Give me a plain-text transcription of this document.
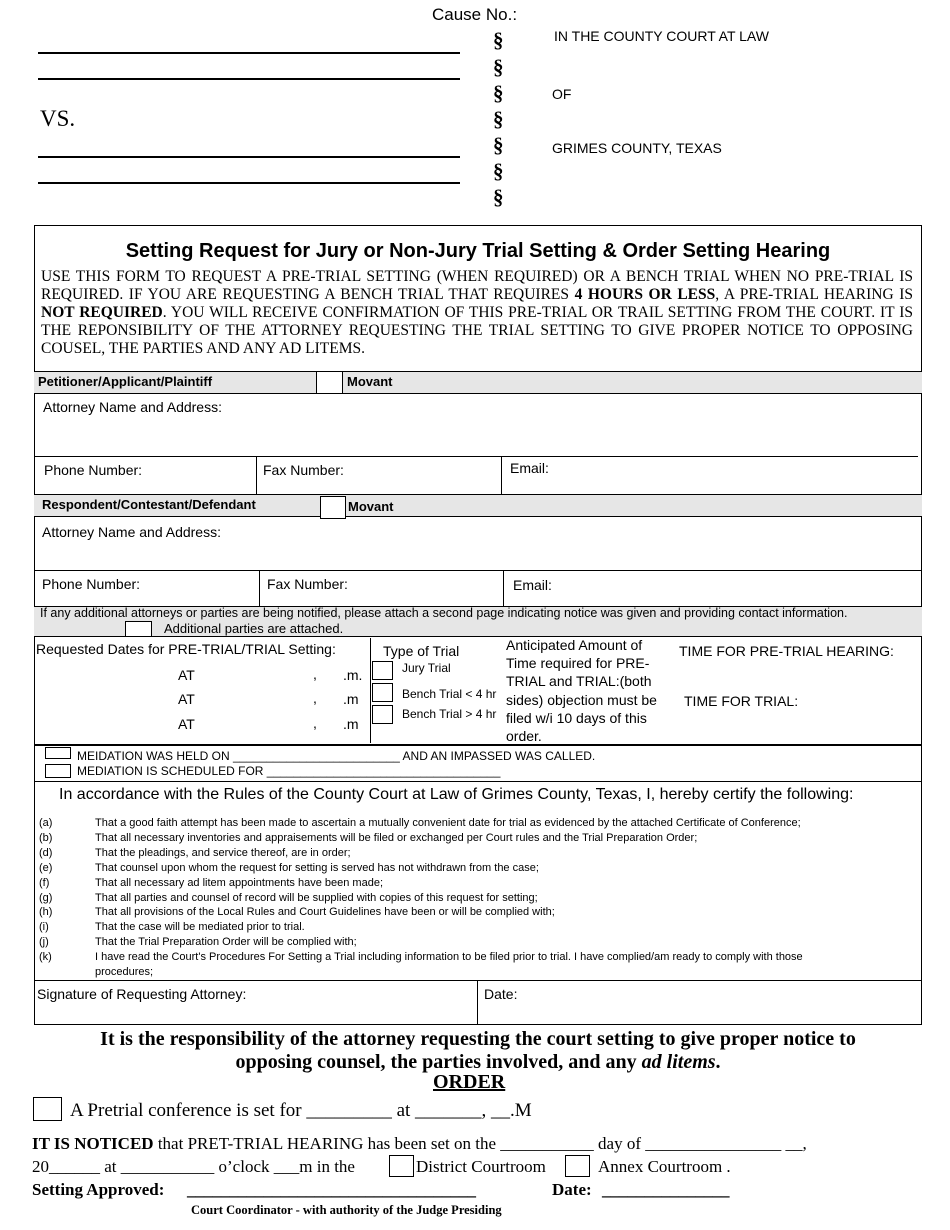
Cause No.:
VS.
§
§
§
§
§
§
§
IN THE COUNTY COURT AT LAW
OF
GRIMES COUNTY, TEXAS
Setting Request for Jury or Non-Jury Trial Setting & Order Setting Hearing
USE THIS FORM TO REQUEST A PRE-TRIAL SETTING (WHEN REQUIRED) OR A BENCH TRIAL WHEN NO PRE-TRIAL IS REQUIRED. IF YOU ARE REQUESTING A BENCH TRIAL THAT REQUIRES 4 HOURS OR LESS, A PRE-TRIAL HEARING IS NOT REQUIRED. YOU WILL RECEIVE CONFIRMATION OF THIS PRE-TRIAL OR TRAIL SETTING FROM THE COURT. IT IS THE REPONSIBILITY OF THE ATTORNEY REQUESTING THE TRIAL SETTING TO GIVE PROPER NOTICE TO OPPOSING COUSEL, THE PARTIES AND ANY AD LITEMS.
Petitioner/Applicant/Plaintiff	Movant
Attorney Name and Address:
Phone Number:	Fax Number:	Email:
Respondent/Contestant/Defendant	Movant
Attorney Name and Address:
Phone Number:	Fax Number:	Email:
If any additional attorneys or parties are being notified, please attach a second page indicating notice was given and providing contact information.
Additional parties are attached.
Requested Dates for PRE-TRIAL/TRIAL Setting:
AT	, .m.
AT	, .m
AT	, .m
Type of Trial
Jury Trial
Bench Trial < 4 hr
Bench Trial > 4 hr
Anticipated Amount of Time required for PRE-TRIAL and TRIAL:(both sides) objection must be filed w/i 10 days of this order.
TIME FOR PRE-TRIAL HEARING:
TIME FOR TRIAL:
MEIDATION WAS HELD ON _________________________ AND AN IMPASSED WAS CALLED.
MEDIATION IS SCHEDULED FOR ___________________________________
In accordance with the Rules of the County Court at Law of Grimes County, Texas, I, hereby certify the following:
(a)	That a good faith attempt has been made to ascertain a mutually convenient date for trial as evidenced by the attached Certificate of Conference;
(b)	That all necessary inventories and appraisements will be filed or exchanged per Court rules and the Trial Preparation Order;
(d)	That the pleadings, and service thereof, are in order;
(e)	That counsel upon whom the request for setting is served has not withdrawn from the case;
(f)	That all necessary ad litem appointments have been made;
(g)	That all parties and counsel of record will be supplied with copies of this request for setting;
(h)	That all provisions of the Local Rules and Court Guidelines have been or will be complied with;
(i)	That the case will be mediated prior to trial.
(j)	That the Trial Preparation Order will be complied with;
(k)	I have read the Court's Procedures For Setting a Trial including information to be filed prior to trial. I have complied/am ready to comply with those
procedures;
Signature of Requesting Attorney:	Date:
It is the responsibility of the attorney requesting the court setting to give proper notice to
opposing counsel, the parties involved, and any ad litems.
ORDER
A Pretrial conference is set for _________ at _______, __.M
IT IS NOTICED that PRET-TRIAL HEARING has been set on the ___________ day of ________________ __,
20______ at ___________ o’clock ___m in the	District Courtroom	Annex Courtroom .
Setting Approved: __________________________________	Date: _______________
Court Coordinator - with authority of the Judge Presiding
